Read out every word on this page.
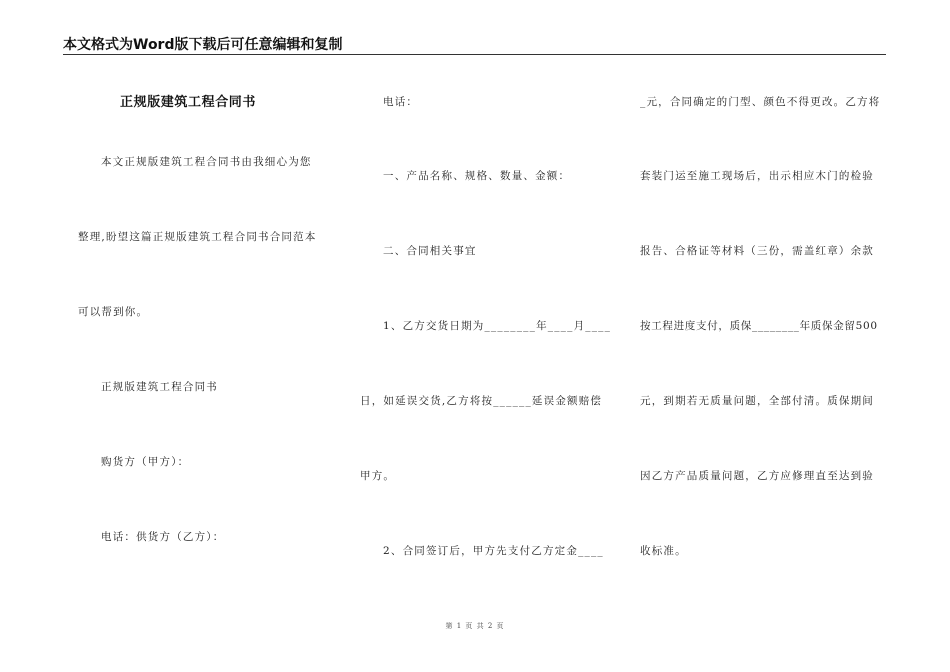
本文格式为Word版下载后可任意编辑和复制
正规版建筑工程合同书
本文正规版建筑工程合同书由我细心为您
整理,盼望这篇正规版建筑工程合同书合同范本
可以帮到你。
正规版建筑工程合同书
购货方（甲方）：
电话：供货方（乙方）：
电话：
一、产品名称、规格、数量、金额：
二、合同相关事宜
1、乙方交货日期为________年____月____
日，如延误交货,乙方将按______延误金额赔偿
甲方。
2、合同签订后，甲方先支付乙方定金____
_元，合同确定的门型、颜色不得更改。乙方将
套装门运至施工现场后，出示相应木门的检验
报告、合格证等材料（三份，需盖红章）余款
按工程进度支付，质保________年质保金留500
元，到期若无质量问题，全部付清。质保期间
因乙方产品质量问题，乙方应修理直至达到验
收标准。
第 1 页 共 2 页
